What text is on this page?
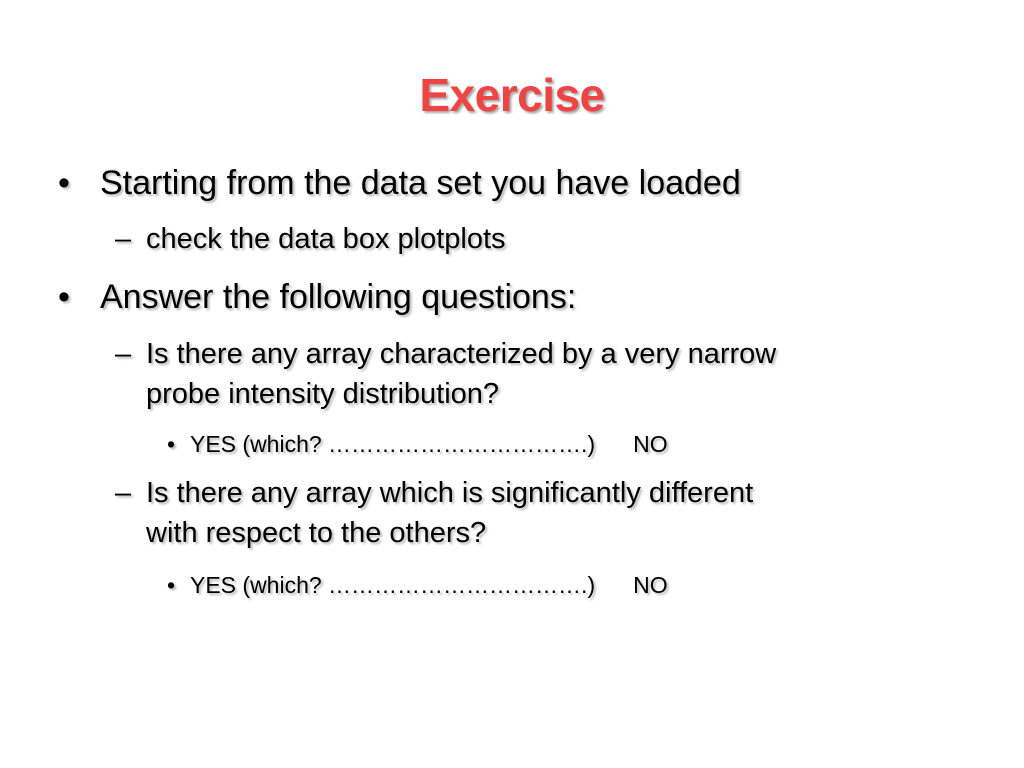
Exercise
• Starting from the data set you have loaded
– check the data box plotplots
• Answer the following questions:
– Is there any array characterized by a very narrow
probe intensity distribution?
• YES (which? …………………………….) NO
– Is there any array which is significantly different
with respect to the others?
• YES (which? …………………………….) NO
